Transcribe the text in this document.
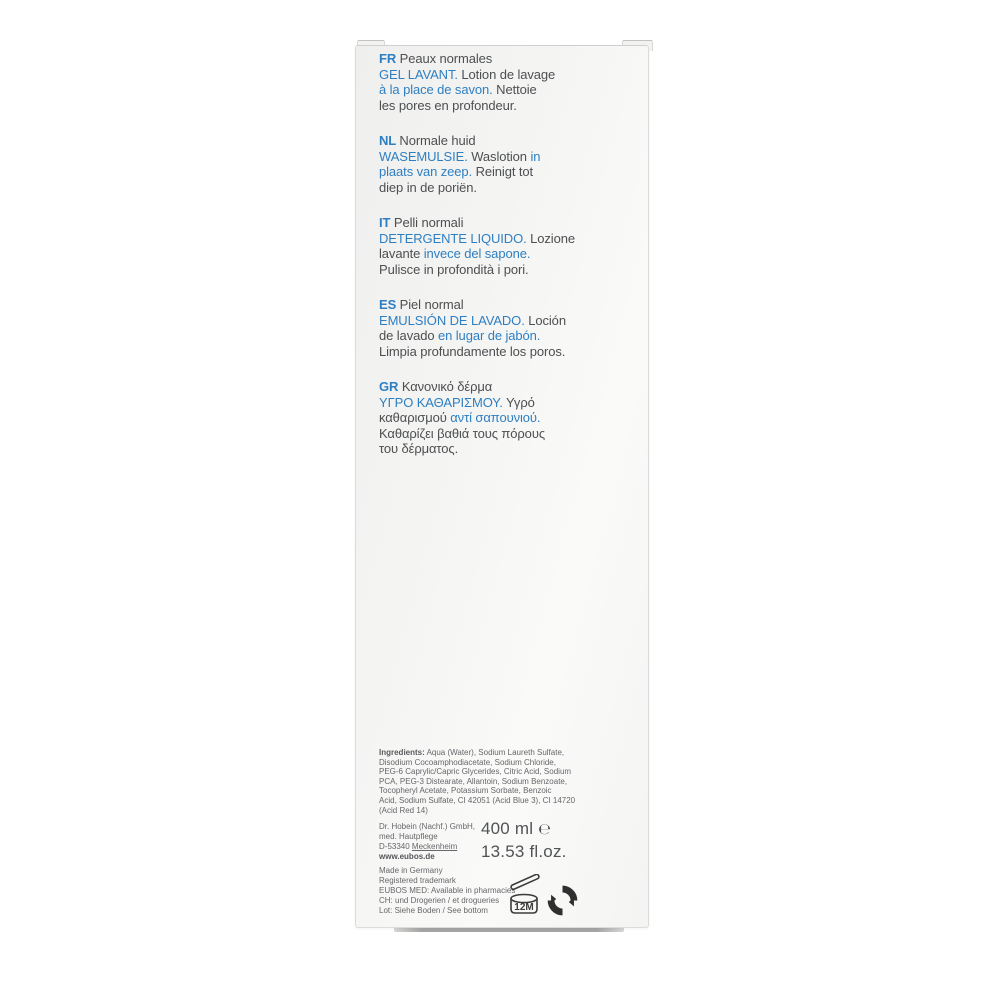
FR Peaux normales
GEL LAVANT. Lotion de lavage
à la place de savon. Nettoie
les pores en profondeur.
NL Normale huid
WASEMULSIE. Waslotion in
plaats van zeep. Reinigt tot
diep in de poriën.
IT Pelli normali
DETERGENTE LIQUIDO. Lozione
lavante invece del sapone.
Pulisce in profondità i pori.
ES Piel normal
EMULSIÓN DE LAVADO. Loción
de lavado en lugar de jabón.
Limpia profundamente los poros.
GR Κανονικό δέρμα
ΥΓΡΟ ΚΑΘΑΡΙΣΜΟΥ. Υγρό
καθαρισμού αντί σαπουνιού.
Καθαρίζει βαθιά τους πόρους
του δέρματος.
Ingredients: Aqua (Water), Sodium Laureth Sulfate,
Disodium Cocoamphodiacetate, Sodium Chloride,
PEG-6 Caprylic/Capric Glycerides, Citric Acid, Sodium
PCA, PEG-3 Distearate, Allantoin, Sodium Benzoate,
Tocopheryl Acetate, Potassium Sorbate, Benzoic
Acid, Sodium Sulfate, CI 42051 (Acid Blue 3), CI 14720
(Acid Red 14)
Dr. Hobein (Nachf.) GmbH,
med. Hautpflege
D-53340 Meckenheim
www.eubos.de
400 ml ℮
13.53 fl.oz.
Made in Germany
Registered trademark
EUBOS MED: Available in pharmacies
CH: und Drogerien / et drogueries
Lot: Siehe Boden / See bottom	12M
